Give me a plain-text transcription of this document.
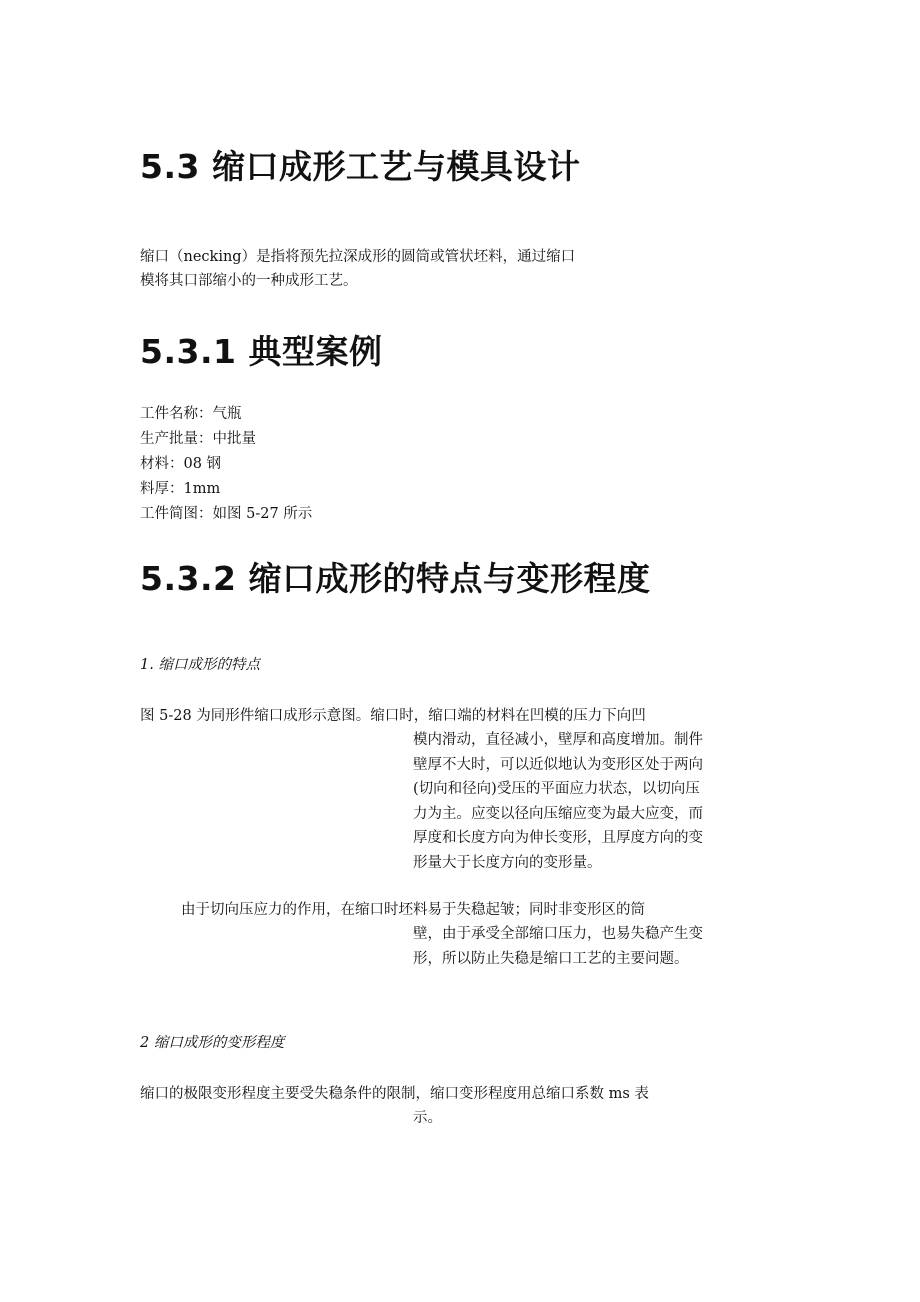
5.3 缩口成形工艺与模具设计

缩口（necking）是指将预先拉深成形的圆筒或管状坯料，通过缩口

模将其口部缩小的一种成形工艺。

5.3.1 典型案例

工件名称：气瓶

生产批量：中批量

材料：08 钢

料厚：1mm

工件简图：如图 5-27 所示

5.3.2 缩口成形的特点与变形程度

1. 缩口成形的特点

图 5-28 为同形件缩口成形示意图。缩口时，缩口端的材料在凹模的压力下向凹

模内滑动，直径减小，壁厚和高度增加。制件壁厚不大时，可以近似地认为变形区处于两向(切向和径向)受压的平面应力状态，以切向压力为主。应变以径向压缩应变为最大应变，而厚度和长度方向为伸长变形，且厚度方向的变形量大于长度方向的变形量。

由于切向压应力的作用，在缩口时坯料易于失稳起皱；同时非变形区的筒

壁，由于承受全部缩口压力，也易失稳产生变形，所以防止失稳是缩口工艺的主要问题。

2 缩口成形的变形程度

缩口的极限变形程度主要受失稳条件的限制，缩口变形程度用总缩口系数 ms 表

示。
